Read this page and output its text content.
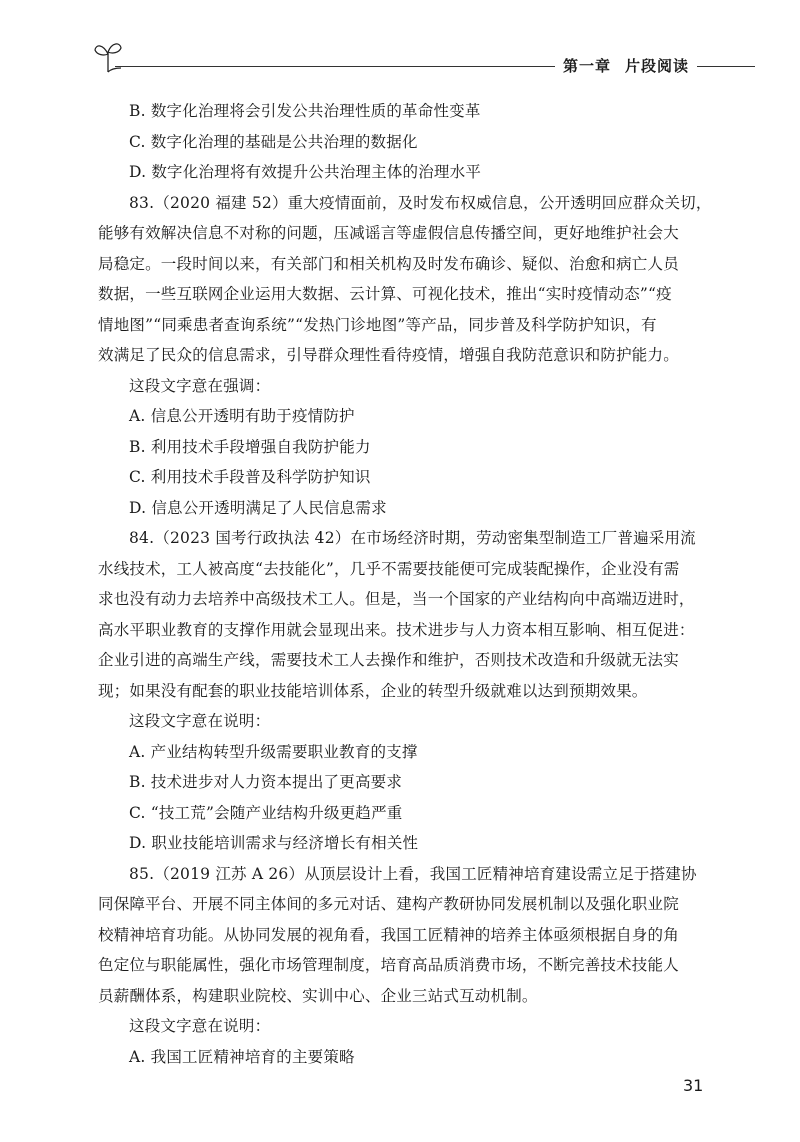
第一章 片段阅读
B. 数字化治理将会引发公共治理性质的革命性变革
C. 数字化治理的基础是公共治理的数据化
D. 数字化治理将有效提升公共治理主体的治理水平
83.（2020 福建 52）重大疫情面前，及时发布权威信息，公开透明回应群众关切，
能够有效解决信息不对称的问题，压减谣言等虚假信息传播空间，更好地维护社会大
局稳定。一段时间以来，有关部门和相关机构及时发布确诊、疑似、治愈和病亡人员
数据，一些互联网企业运用大数据、云计算、可视化技术，推出“实时疫情动态”“疫
情地图”“同乘患者查询系统”“发热门诊地图”等产品，同步普及科学防护知识，有
效满足了民众的信息需求，引导群众理性看待疫情，增强自我防范意识和防护能力。
这段文字意在强调：
A. 信息公开透明有助于疫情防护
B. 利用技术手段增强自我防护能力
C. 利用技术手段普及科学防护知识
D. 信息公开透明满足了人民信息需求
84.（2023 国考行政执法 42）在市场经济时期，劳动密集型制造工厂普遍采用流
水线技术，工人被高度“去技能化”，几乎不需要技能便可完成装配操作，企业没有需
求也没有动力去培养中高级技术工人。但是，当一个国家的产业结构向中高端迈进时，
高水平职业教育的支撑作用就会显现出来。技术进步与人力资本相互影响、相互促进：
企业引进的高端生产线，需要技术工人去操作和维护，否则技术改造和升级就无法实
现；如果没有配套的职业技能培训体系，企业的转型升级就难以达到预期效果。
这段文字意在说明：
A. 产业结构转型升级需要职业教育的支撑
B. 技术进步对人力资本提出了更高要求
C. “技工荒”会随产业结构升级更趋严重
D. 职业技能培训需求与经济增长有相关性
85.（2019 江苏 A 26）从顶层设计上看，我国工匠精神培育建设需立足于搭建协
同保障平台、开展不同主体间的多元对话、建构产教研协同发展机制以及强化职业院
校精神培育功能。从协同发展的视角看，我国工匠精神的培养主体亟须根据自身的角
色定位与职能属性，强化市场管理制度，培育高品质消费市场，不断完善技术技能人
员薪酬体系，构建职业院校、实训中心、企业三站式互动机制。
这段文字意在说明：
A. 我国工匠精神培育的主要策略
31
